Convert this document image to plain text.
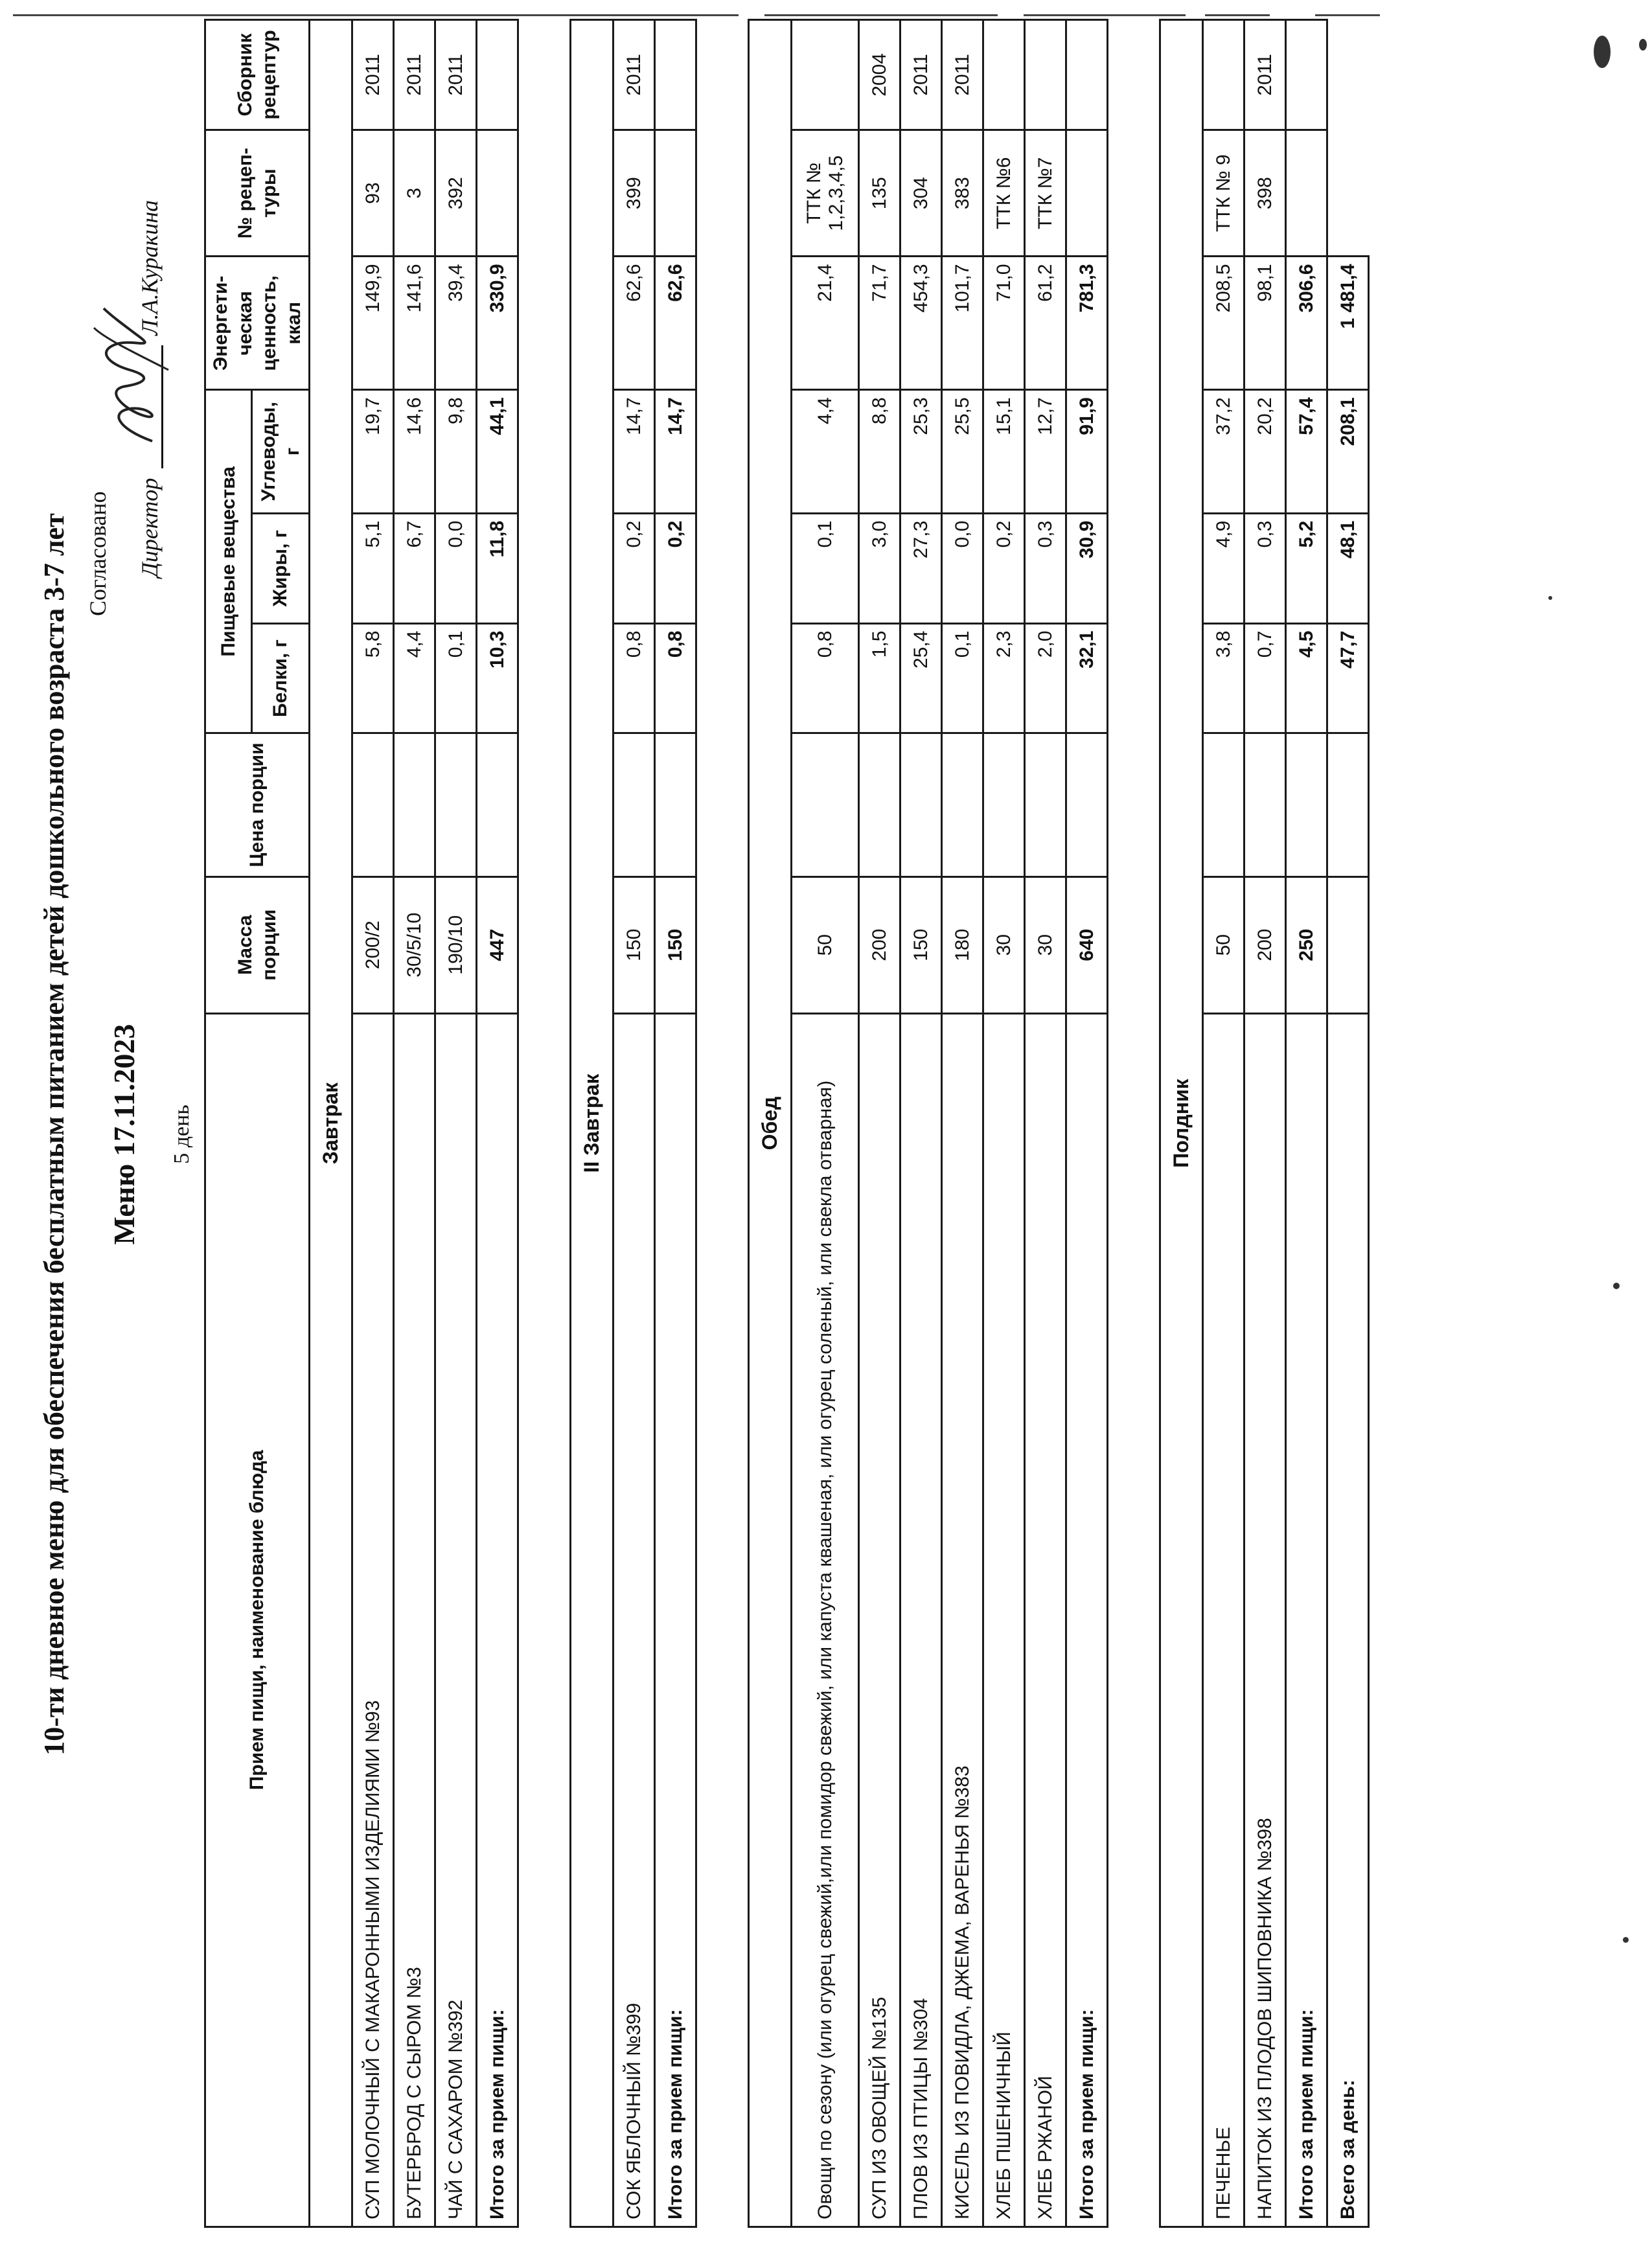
10-ти дневное меню для обеспечения бесплатным питанием детей дошкольного возраста 3-7 лет Меню 17.11.2023 5 день
Согласовано Директор  Л.А.Куракина
Прием пищи, наименование блюда	Масса порции	Цена порции	Пищевые вещества			Энергети-ческая ценность, ккал	№ рецеп-туры	Сборник рецептур
			Белки, г	Жиры, г	Углеводы, г			
Завтрак								
СУП МОЛОЧНЫЙ С МАКАРОННЫМИ ИЗДЕЛИЯМИ №93	200/2		5,8	5,1	19,7	149,9	93	2011
БУТЕРБРОД С СЫРОМ №3	30/5/10		4,4	6,7	14,6	141,6	3	2011
ЧАЙ С САХАРОМ №392	190/10		0,1	0,0	9,8	39,4	392	2011
Итого за прием пищи:	447		10,3	11,8	44,1	330,9		

II Завтрак								
СОК ЯБЛОЧНЫЙ №399	150		0,8	0,2	14,7	62,6	399	2011
Итого за прием пищи:	150		0,8	0,2	14,7	62,6		

Обед								
Овощи по сезону (или огурец свежий,или помидор свежий, или капуста квашеная, или огурец соленый, или свекла отварная)	50		0,8	0,1	4,4	21,4	ТТК № 1,2,3,4,5	
СУП ИЗ ОВОЩЕЙ №135	200		1,5	3,0	8,8	71,7	135	2004
ПЛОВ ИЗ ПТИЦЫ №304	150		25,4	27,3	25,3	454,3	304	2011
КИСЕЛЬ ИЗ ПОВИДЛА, ДЖЕМА, ВАРЕНЬЯ №383	180		0,1	0,0	25,5	101,7	383	2011
ХЛЕБ ПШЕНИЧНЫЙ	30		2,3	0,2	15,1	71,0	ТТК №6	
ХЛЕБ РЖАНОЙ	30		2,0	0,3	12,7	61,2	ТТК №7	
Итого за прием пищи:	640		32,1	30,9	91,9	781,3		

Полдник								
ПЕЧЕНЬЕ	50		3,8	4,9	37,2	208,5	ТТК № 9	
НАПИТОК ИЗ ПЛОДОВ ШИПОВНИКА №398	200		0,7	0,3	20,2	98,1	398	2011
Итого за прием пищи:	250		4,5	5,2	57,4	306,6		
Всего за день:			47,7	48,1	208,1	1 481,4		
